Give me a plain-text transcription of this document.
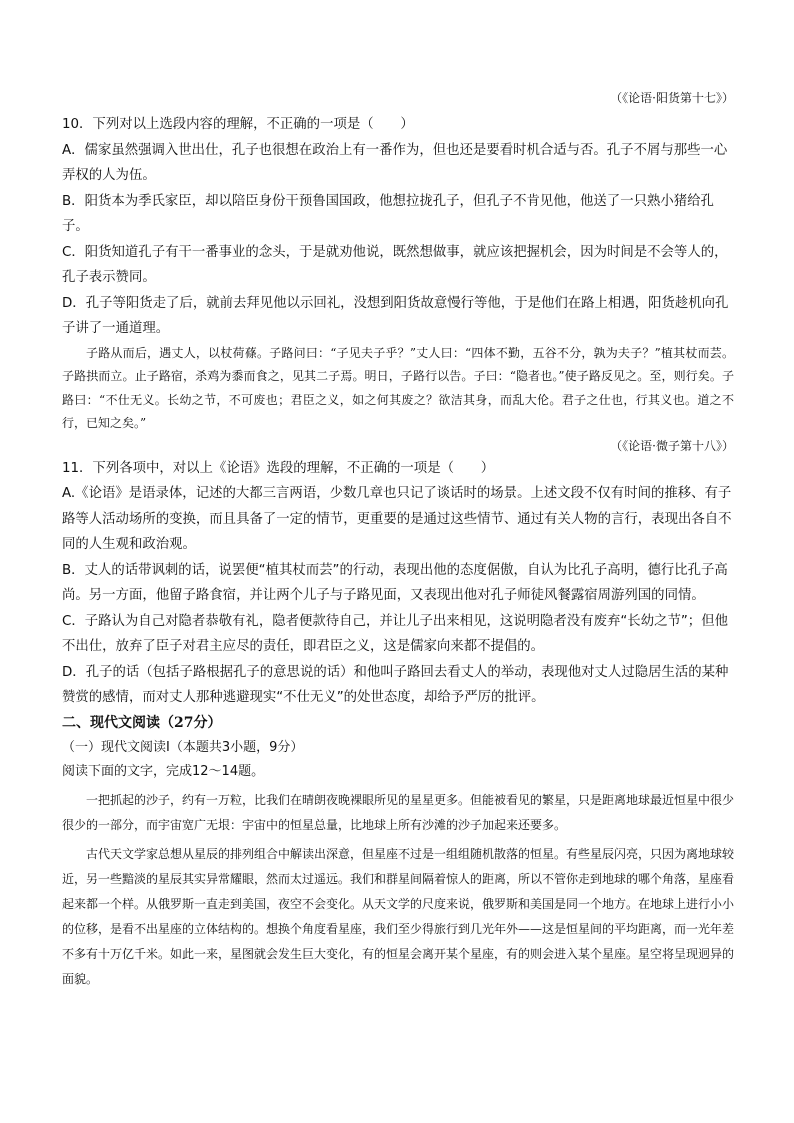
（《论语·阳货第十七》）

10．下列对以上选段内容的理解，不正确的一项是（　　）

A．儒家虽然强调入世出仕，孔子也很想在政治上有一番作为，但也还是要看时机合适与否。孔子不屑与那些一心弄权的人为伍。

B．阳货本为季氏家臣，却以陪臣身份干预鲁国国政，他想拉拢孔子，但孔子不肯见他，他送了一只熟小猪给孔子。

C．阳货知道孔子有干一番事业的念头，于是就劝他说，既然想做事，就应该把握机会，因为时间是不会等人的，孔子表示赞同。

D．孔子等阳货走了后，就前去拜见他以示回礼，没想到阳货故意慢行等他，于是他们在路上相遇，阳货趁机向孔子讲了一通道理。

子路从而后，遇丈人，以杖荷蓧。子路问曰：“子见夫子乎？”丈人曰：“四体不勤，五谷不分，孰为夫子？”植其杖而芸。子路拱而立。止子路宿，杀鸡为黍而食之，见其二子焉。明日，子路行以告。子曰：“隐者也。”使子路反见之。至，则行矣。子路曰：“不仕无义。长幼之节，不可废也；君臣之义，如之何其废之？欲洁其身，而乱大伦。君子之仕也，行其义也。道之不行，已知之矣。”

（《论语·微子第十八》）

11．下列各项中，对以上《论语》选段的理解，不正确的一项是（　　）

A.《论语》是语录体，记述的大都三言两语，少数几章也只记了谈话时的场景。上述文段不仅有时间的推移、有子路等人活动场所的变换，而且具备了一定的情节，更重要的是通过这些情节、通过有关人物的言行，表现出各自不同的人生观和政治观。

B．丈人的话带讽刺的话，说罢便“植其杖而芸”的行动，表现出他的态度倨傲，自认为比孔子高明，德行比孔子高尚。另一方面，他留子路食宿，并让两个儿子与子路见面，又表现出他对孔子师徒风餐露宿周游列国的同情。

C．子路认为自己对隐者恭敬有礼，隐者便款待自己，并让儿子出来相见，这说明隐者没有废弃“长幼之节”；但他不出仕，放弃了臣子对君主应尽的责任，即君臣之义，这是儒家向来都不提倡的。

D．孔子的话（包括子路根据孔子的意思说的话）和他叫子路回去看丈人的举动，表现他对丈人过隐居生活的某种赞赏的感情，而对丈人那种逃避现实“不仕无义”的处世态度，却给予严厉的批评。

二、现代文阅读（27分）

（一）现代文阅读Ⅰ（本题共3小题，9分）

阅读下面的文字，完成12～14题。

一把抓起的沙子，约有一万粒，比我们在晴朗夜晚裸眼所见的星星更多。但能被看见的繁星，只是距离地球最近恒星中很少很少的一部分，而宇宙宽广无垠：宇宙中的恒星总量，比地球上所有沙滩的沙子加起来还要多。

古代天文学家总想从星辰的排列组合中解读出深意，但星座不过是一组组随机散落的恒星。有些星辰闪亮，只因为离地球较近，另一些黯淡的星辰其实异常耀眼，然而太过遥远。我们和群星间隔着惊人的距离，所以不管你走到地球的哪个角落，星座看起来都一个样。从俄罗斯一直走到美国，夜空不会变化。从天文学的尺度来说，俄罗斯和美国是同一个地方。在地球上进行小小的位移，是看不出星座的立体结构的。想换个角度看星座，我们至少得旅行到几光年外——这是恒星间的平均距离，而一光年差不多有十万亿千米。如此一来，星图就会发生巨大变化，有的恒星会离开某个星座，有的则会进入某个星座。星空将呈现迥异的面貌。
